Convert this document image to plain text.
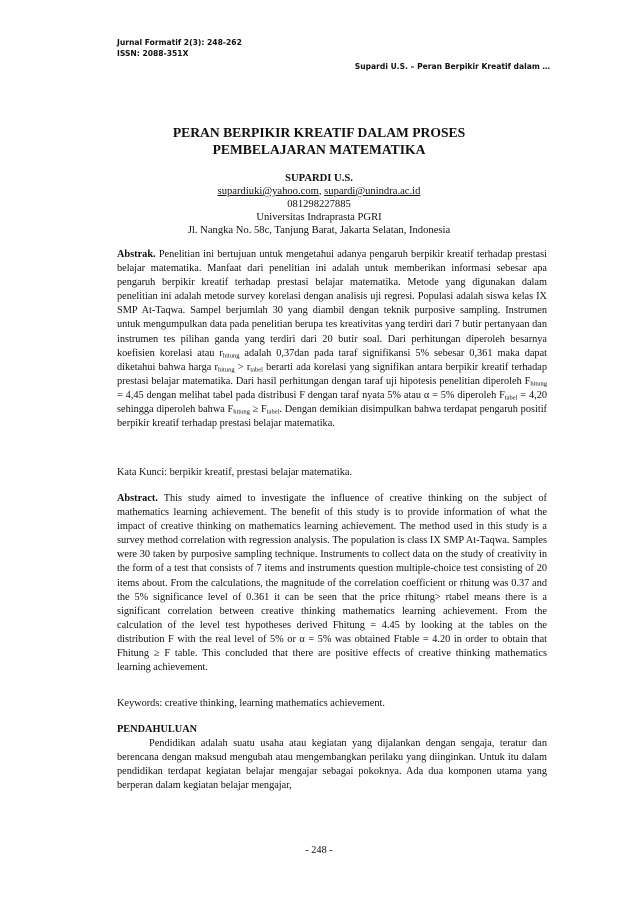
Jurnal Formatif 2(3): 248-262
ISSN: 2088-351X
Supardi U.S. – Peran Berpikir Kreatif dalam …
PERAN BERPIKIR KREATIF DALAM PROSES
PEMBELAJARAN MATEMATIKA
SUPARDI U.S.
supardiuki@yahoo.com, supardi@unindra.ac.id
081298227885
Universitas Indraprasta PGRI
Jl. Nangka No. 58c, Tanjung Barat, Jakarta Selatan, Indonesia

Abstrak. Penelitian ini bertujuan untuk mengetahui adanya pengaruh berpikir kreatif terhadap prestasi belajar matematika. Manfaat dari penelitian ini adalah untuk memberikan informasi sebesar apa pengaruh berpikir kreatif terhadap prestasi belajar matematika. Metode yang digunakan dalam penelitian ini adalah metode survey korelasi dengan analisis uji regresi. Populasi adalah siswa kelas IX SMP At-Taqwa. Sampel berjumlah 30 yang diambil dengan teknik purposive sampling. Instrumen untuk mengumpulkan data pada penelitian berupa tes kreativitas yang terdiri dari 7 butir pertanyaan dan instrumen tes pilihan ganda yang terdiri dari 20 butir soal. Dari perhitungan diperoleh besarnya koefisien korelasi atau $r_{hitung}$ adalah 0,37dan pada taraf signifikansi 5% sebesar 0,361 maka dapat diketahui bahwa harga $r_{hitung} > r_{tabel}$ berarti ada korelasi yang signifikan antara berpikir kreatif terhadap prestasi belajar matematika. Dari hasil perhitungan dengan taraf uji hipotesis penelitian diperoleh $F_{hitung} = 4,45$ dengan melihat tabel pada distribusi F dengan taraf nyata 5% atau α = 5% diperoleh $F_{tabel} = 4,20$ sehingga diperoleh bahwa $F_{hitung} \ge F_{tabel}$. Dengan demikian disimpulkan bahwa terdapat pengaruh positif berpikir kreatif terhadap prestasi belajar matematika.

Kata Kunci: berpikir kreatif, prestasi belajar matematika.

Abstract. This study aimed to investigate the influence of creative thinking on the subject of mathematics learning achievement. The benefit of this study is to provide information of what the impact of creative thinking on mathematics learning achievement. The method used in this study is a survey method correlation with regression analysis. The population is class IX SMP At-Taqwa. Samples were 30 taken by purposive sampling technique. Instruments to collect data on the study of creativity in the form of a test that consists of 7 items and instruments question multiple-choice test consisting of 20 items about. From the calculations, the magnitude of the correlation coefficient or rhitung was 0.37 and the 5% significance level of 0.361 it can be seen that the price rhitung> rtabel means there is a significant correlation between creative thinking mathematics learning achievement. From the calculation of the level test hypotheses derived Fhitung = 4.45 by looking at the tables on the distribution F with the real level of 5% or α = 5% was obtained Ftable = 4.20 in order to obtain that Fhitung ≥ F table. This concluded that there are positive effects of creative thinking mathematics learning achievement.

Keywords: creative thinking, learning mathematics achievement.
PENDAHULUAN

Pendidikan adalah suatu usaha atau kegiatan yang dijalankan dengan sengaja, teratur dan berencana dengan maksud mengubah atau mengembangkan perilaku yang diinginkan. Untuk itu dalam pendidikan terdapat kegiatan belajar mengajar sebagai pokoknya. Ada dua komponen utama yang berperan dalam kegiatan belajar mengajar,

- 248 -
